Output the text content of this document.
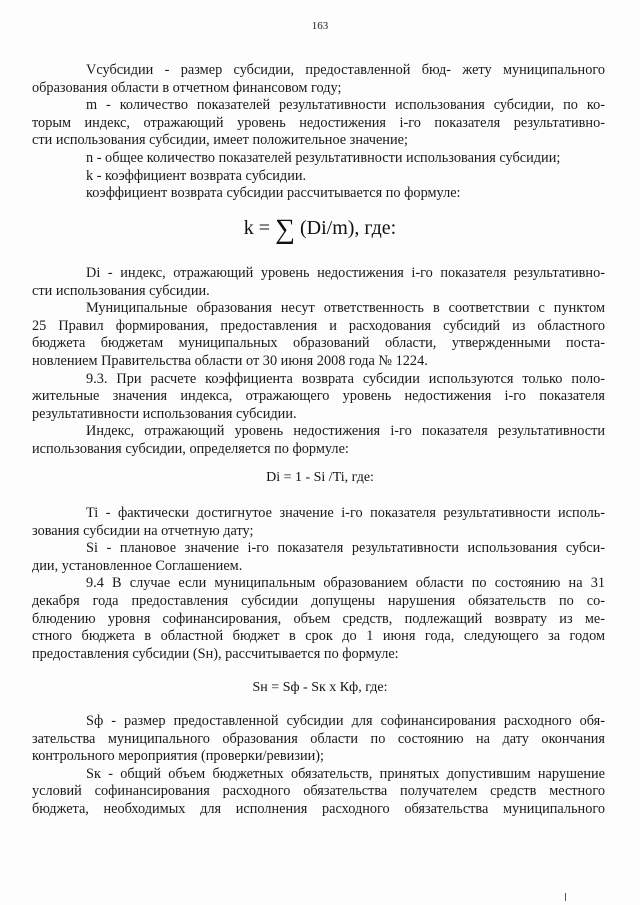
163
Vсубсидии - размер субсидии, предоставленной бюд- жету муниципального
образования области в отчетном финансовом году;
m - количество показателей результативности использования субсидии, по ко-
торым индекс, отражающий уровень недостижения i-го показателя результативно-
сти использования субсидии, имеет положительное значение;
n - общее количество показателей результативности использования субсидии;
k - коэффициент возврата субсидии.
коэффициент возврата субсидии рассчитывается по формуле:
k = ∑ (Di/m), где:
Di - индекс, отражающий уровень недостижения i-го показателя результативно-
сти использования субсидии.
Муниципальные образования несут ответственность в соответствии с пунктом
25 Правил формирования, предоставления и расходования субсидий из областного
бюджета бюджетам муниципальных образований области, утвержденными поста-
новлением Правительства области от 30 июня 2008 года № 1224.
9.3. При расчете коэффициента возврата субсидии используются только поло-
жительные значения индекса, отражающего уровень недостижения i-го показателя
результативности использования субсидии.
Индекс, отражающий уровень недостижения i-го показателя результативности
использования субсидии, определяется по формуле:
Di = 1 - Si /Ti, где:
Ti - фактически достигнутое значение i-го показателя результативности исполь-
зования субсидии на отчетную дату;
Si - плановое значение i-го показателя результативности использования субси-
дии, установленное Соглашением.
9.4 В случае если муниципальным образованием области по состоянию на 31
декабря года предоставления субсидии допущены нарушения обязательств по со-
блюдению уровня софинансирования, объем средств, подлежащий возврату из ме-
стного бюджета в областной бюджет в срок до 1 июня года, следующего за годом
предоставления субсидии (Sн), рассчитывается по формуле:
Sн = Sф - Sк х Кф, где:
Sф - размер предоставленной субсидии для софинансирования расходного обя-
зательства муниципального образования области по состоянию на дату окончания
контрольного мероприятия (проверки/ревизии);
Sк - общий объем бюджетных обязательств, принятых допустившим нарушение
условий софинансирования расходного обязательства получателем средств местного
бюджета, необходимых для исполнения расходного обязательства муниципального
